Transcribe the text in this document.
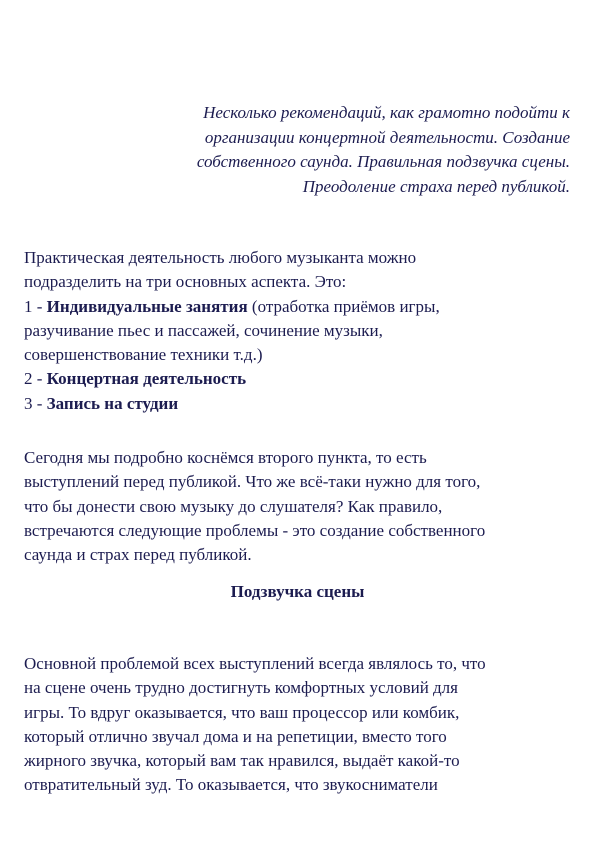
Несколько рекомендаций, как грамотно подойти к
организации концертной деятельности. Создание
собственного саунда. Правильная подзвучка сцены.
Преодоление страха перед публикой.
Практическая деятельность любого музыканта можно
подразделить на три основных аспекта. Это:
1 - Индивидуальные занятия (отработка приёмов игры,
разучивание пьес и пассажей, сочинение музыки,
совершенствование техники т.д.)
2 - Концертная деятельность
3 - Запись на студии
Сегодня мы подробно коснёмся второго пункта, то есть
выступлений перед публикой. Что же всё-таки нужно для того,
что бы донести свою музыку до слушателя? Как правило,
встречаются следующие проблемы - это создание собственного
саунда и страх перед публикой.
Подзвучка сцены
Основной проблемой всех выступлений всегда являлось то, что
на сцене очень трудно достигнуть комфортных условий для
игры. То вдруг оказывается, что ваш процессор или комбик,
который отлично звучал дома и на репетиции, вместо того
жирного звучка, который вам так нравился, выдаёт какой-то
отвратительный зуд. То оказывается, что звукосниматели
